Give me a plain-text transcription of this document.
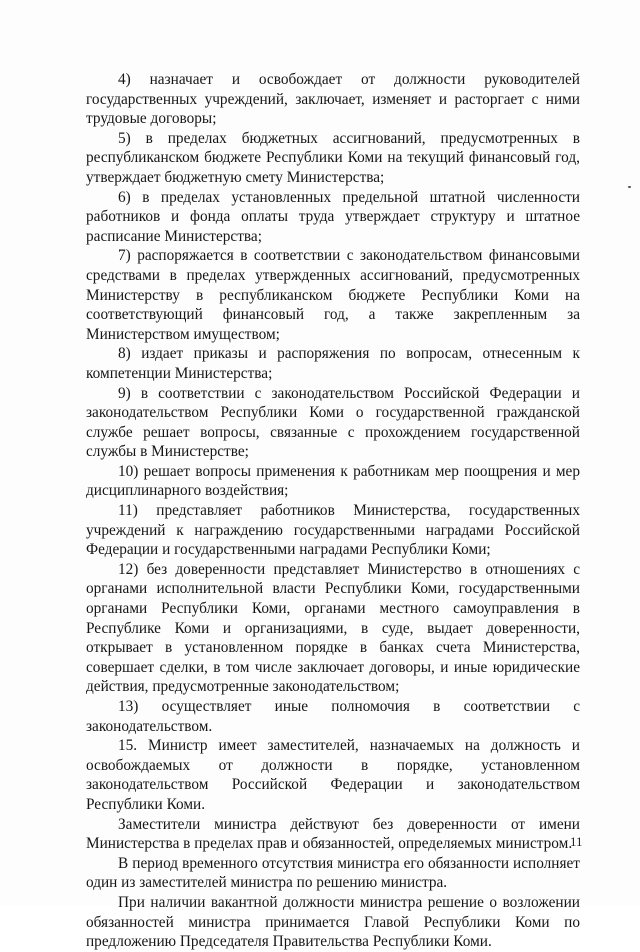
4) назначает и освобождает от должности руководителей государственных учреждений, заключает, изменяет и расторгает с ними трудовые договоры;

5) в пределах бюджетных ассигнований, предусмотренных в республиканском бюджете Республики Коми на текущий финансовый год, утверждает бюджетную смету Министерства;

6) в пределах установленных предельной штатной численности работников и фонда оплаты труда утверждает структуру и штатное расписание Министерства;

7) распоряжается в соответствии с законодательством финансовыми средствами в пределах утвержденных ассигнований, предусмотренных Министерству в республиканском бюджете Республики Коми на соответствующий финансовый год, а также закрепленным за Министерством имуществом;

8) издает приказы и распоряжения по вопросам, отнесенным к компетенции Министерства;

9) в соответствии с законодательством Российской Федерации и законодательством Республики Коми о государственной гражданской службе решает вопросы, связанные с прохождением государственной службы в Министерстве;

10) решает вопросы применения к работникам мер поощрения и мер дисциплинарного воздействия;

11) представляет работников Министерства, государственных учреждений к награждению государственными наградами Российской Федерации и государственными наградами Республики Коми;

12) без доверенности представляет Министерство в отношениях с органами исполнительной власти Республики Коми, государственными органами Республики Коми, органами местного самоуправления в Республике Коми и организациями, в суде, выдает доверенности, открывает в установленном порядке в банках счета Министерства, совершает сделки, в том числе заключает договоры, и иные юридические действия, предусмотренные законодательством;

13) осуществляет иные полномочия в соответствии с законодательством.

15. Министр имеет заместителей, назначаемых на должность и освобождаемых от должности в порядке, установленном законодательством Российской Федерации и законодательством Республики Коми.

Заместители министра действуют без доверенности от имени Министерства в пределах прав и обязанностей, определяемых министром.

В период временного отсутствия министра его обязанности исполняет один из заместителей министра по решению министра.

При наличии вакантной должности министра решение о возложении обязанностей министра принимается Главой Республики Коми по предложению Председателя Правительства Республики Коми.

11
